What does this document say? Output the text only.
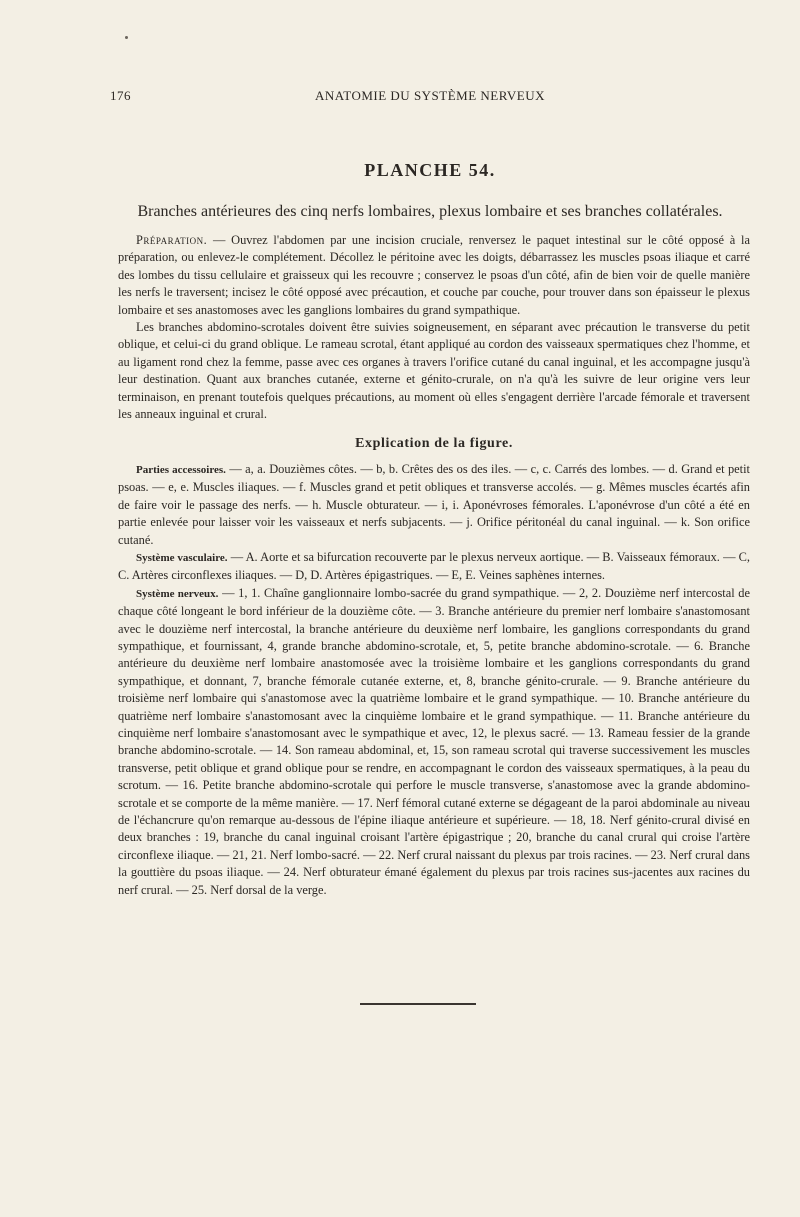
176	ANATOMIE DU SYSTÈME NERVEUX
PLANCHE 54.
Branches antérieures des cinq nerfs lombaires, plexus lombaire et ses branches collatérales.

Préparation. — Ouvrez l'abdomen par une incision cruciale, renversez le paquet intestinal sur le côté opposé à la préparation, ou enlevez-le complétement. Décollez le péritoine avec les doigts, débarrassez les muscles psoas iliaque et carré des lombes du tissu cellulaire et graisseux qui les recouvre ; conservez le psoas d'un côté, afin de bien voir de quelle manière les nerfs le traversent; incisez le côté opposé avec précaution, et couche par couche, pour trouver dans son épaisseur le plexus lombaire et ses anastomoses avec les ganglions lombaires du grand sympathique.

Les branches abdomino-scrotales doivent être suivies soigneusement, en séparant avec précaution le transverse du petit oblique, et celui-ci du grand oblique. Le rameau scrotal, étant appliqué au cordon des vaisseaux spermatiques chez l'homme, et au ligament rond chez la femme, passe avec ces organes à travers l'orifice cutané du canal inguinal, et les accompagne jusqu'à leur destination. Quant aux branches cutanée, externe et génito-crurale, on n'a qu'à les suivre de leur origine vers leur terminaison, en prenant toutefois quelques précautions, au moment où elles s'engagent derrière l'arcade fémorale et traversent les anneaux inguinal et crural.

Explication de la figure.

Parties accessoires. — a, a. Douzièmes côtes. — b, b. Crêtes des os des iles. — c, c. Carrés des lombes. — d. Grand et petit psoas. — e, e. Muscles iliaques. — f. Muscles grand et petit obliques et transverse accolés. — g. Mêmes muscles écartés afin de faire voir le passage des nerfs. — h. Muscle obturateur. — i, i. Aponévroses fémorales. L'aponévrose d'un côté a été en partie enlevée pour laisser voir les vaisseaux et nerfs subjacents. — j. Orifice péritonéal du canal inguinal. — k. Son orifice cutané.

Système vasculaire. — A. Aorte et sa bifurcation recouverte par le plexus nerveux aortique. — B. Vaisseaux fémoraux. — C, C. Artères circonflexes iliaques. — D, D. Artères épigastriques. — E, E. Veines saphènes internes.

Système nerveux. — 1, 1. Chaîne ganglionnaire lombo-sacrée du grand sympathique. — 2, 2. Douzième nerf intercostal de chaque côté longeant le bord inférieur de la douzième côte. — 3. Branche antérieure du premier nerf lombaire s'anastomosant avec le douzième nerf intercostal, la branche antérieure du deuxième nerf lombaire, les ganglions correspondants du grand sympathique, et fournissant, 4, grande branche abdomino-scrotale, et, 5, petite branche abdomino-scrotale. — 6. Branche antérieure du deuxième nerf lombaire anastomosée avec la troisième lombaire et les ganglions correspondants du grand sympathique, et donnant, 7, branche fémorale cutanée externe, et, 8, branche génito-crurale. — 9. Branche antérieure du troisième nerf lombaire qui s'anastomose avec la quatrième lombaire et le grand sympathique. — 10. Branche antérieure du quatrième nerf lombaire s'anastomosant avec la cinquième lombaire et le grand sympathique. — 11. Branche antérieure du cinquième nerf lombaire s'anastomosant avec le sympathique et avec, 12, le plexus sacré. — 13. Rameau fessier de la grande branche abdomino-scrotale. — 14. Son rameau abdominal, et, 15, son rameau scrotal qui traverse successivement les muscles transverse, petit oblique et grand oblique pour se rendre, en accompagnant le cordon des vaisseaux spermatiques, à la peau du scrotum. — 16. Petite branche abdomino-scrotale qui perfore le muscle transverse, s'anastomose avec la grande abdomino-scrotale et se comporte de la même manière. — 17. Nerf fémoral cutané externe se dégageant de la paroi abdominale au niveau de l'échancrure qu'on remarque au-dessous de l'épine iliaque antérieure et supérieure. — 18, 18. Nerf génito-crural divisé en deux branches : 19, branche du canal inguinal croisant l'artère épigastrique ; 20, branche du canal crural qui croise l'artère circonflexe iliaque. — 21, 21. Nerf lombo-sacré. — 22. Nerf crural naissant du plexus par trois racines. — 23. Nerf crural dans la gouttière du psoas iliaque. — 24. Nerf obturateur émané également du plexus par trois racines sus-jacentes aux racines du nerf crural. — 25. Nerf dorsal de la verge.
